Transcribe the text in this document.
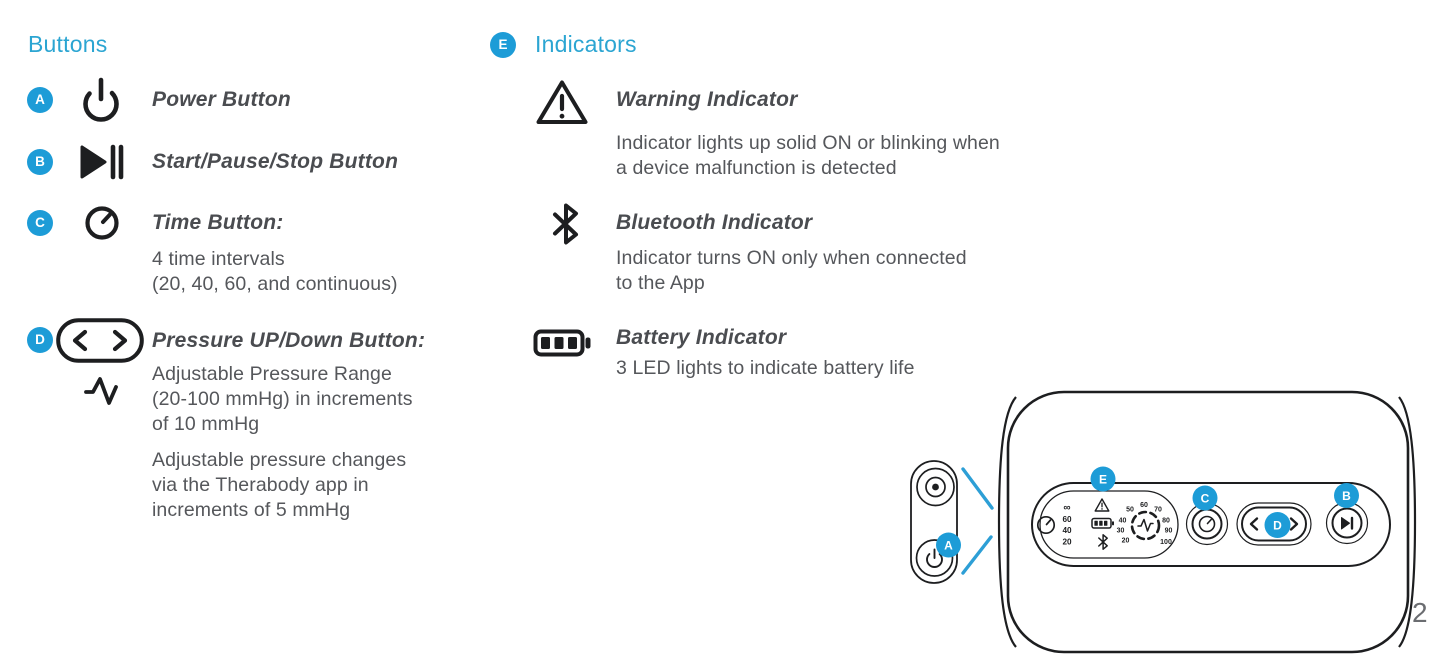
Buttons
A	Power Button
B	Start/Pause/Stop Button
C	Time Button:
4 time intervals
(20, 40, 60, and continuous)
D	Pressure UP/Down Button:
Adjustable Pressure Range
(20-100 mmHg) in increments
of 10 mmHg
Adjustable pressure changes
via the Therabody app in
increments of 5 mmHg
E	Indicators
Warning Indicator
Indicator lights up solid ON or blinking when
a device malfunction is detected
Bluetooth Indicator
Indicator turns ON only when connected
to the App
Battery Indicator
3 LED lights to indicate battery life
∞
60
40
20
50
60
70
40	80
30	90
20	100
E
C
D
B
A
2
